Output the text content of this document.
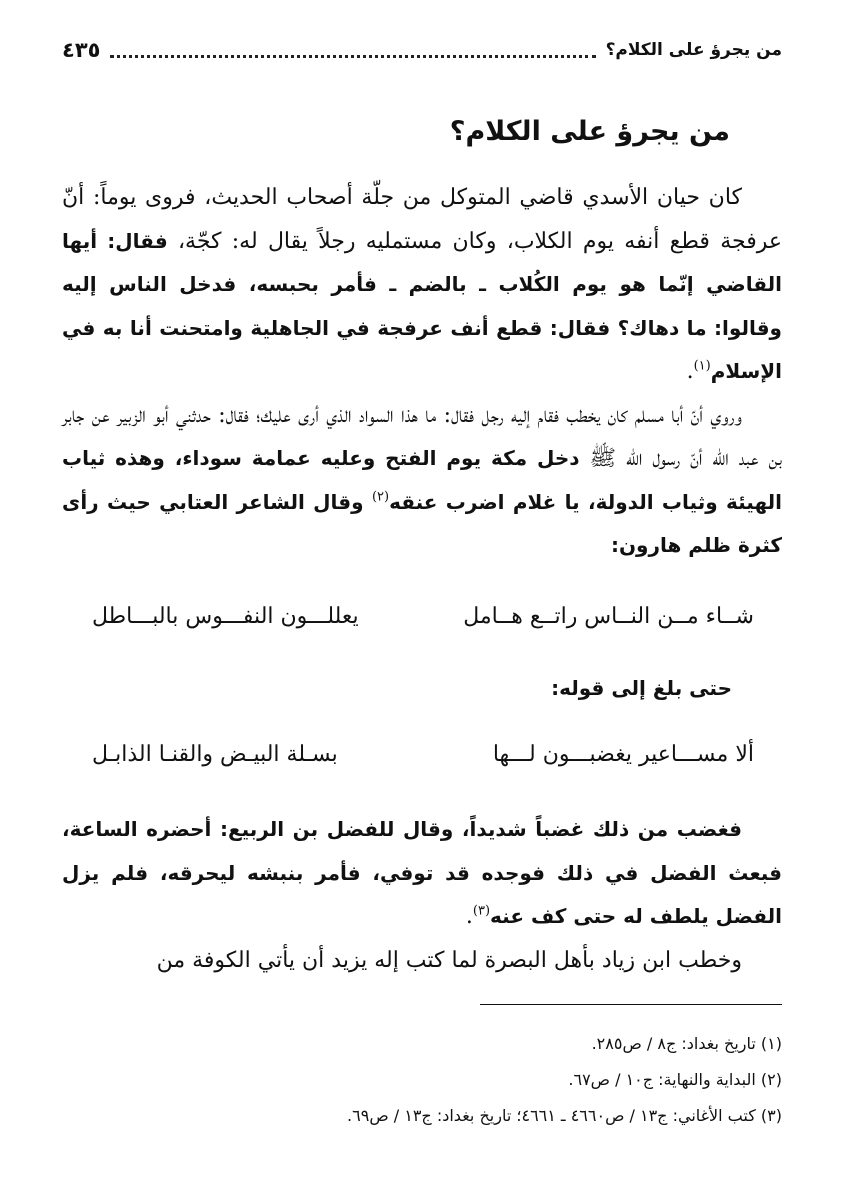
من يجرؤ على الكلام؟
٤٣٥
من يجرؤ على الكلام؟

كان حيان الأسدي قاضي المتوكل من جلّة أصحاب الحديث، فروى يوماً: أنّ عرفجة قطع أنفه يوم الكلاب، وكان مستمليه رجلاً يقال له: كجّة، فقال: أيها القاضي إنّما هو يوم الكُلاب ـ بالضم ـ فأمر بحبسه، فدخل الناس إليه وقالوا: ما دهاك؟ فقال: قطع أنف عرفجة في الجاهلية وامتحنت أنا به في الإسلام$^{(١)}$.

وروي أنّ أبا مسلم كان يخطب فقام إليه رجل فقال: ما هذا السواد الذي أرى عليك؛ فقال: حدثني أبو الزبير عن جابر بن عبد الله أنّ رسول الله ﷺ دخل مكة يوم الفتح وعليه عمامة سوداء، وهذه ثياب الهيئة وثياب الدولة، يا غلام اضرب عنقه$^{(٢)}$ وقال الشاعر العتابي حيث رأى كثرة ظلم هارون:

شــاء مــن النــاس راتــع هــامل
يعللـــون النفـــوس بالبـــاطل
حتى بلغ إلى قوله:
ألا مســـاعير يغضبـــون لـــها
بسـلة البيـض والقنـا الذابـل

فغضب من ذلك غضباً شديداً، وقال للفضل بن الربيع: أحضره الساعة، فبعث الفضل في ذلك فوجده قد توفي، فأمر بنبشه ليحرقه، فلم يزل الفضل يلطف له حتى كف عنه$^{(٣)}$.

وخطب ابن زياد بأهل البصرة لما كتب إله يزيد أن يأتي الكوفة من

(١) تاريخ بغداد: ج٨ / ص٢٨٥.
(٢) البداية والنهاية: ج١٠ / ص٦٧.
(٣) كتب الأغاني: ج١٣ / ص٤٦٦٠ ـ ٤٦٦١؛ تاريخ بغداد: ج١٣ / ص٦٩.
